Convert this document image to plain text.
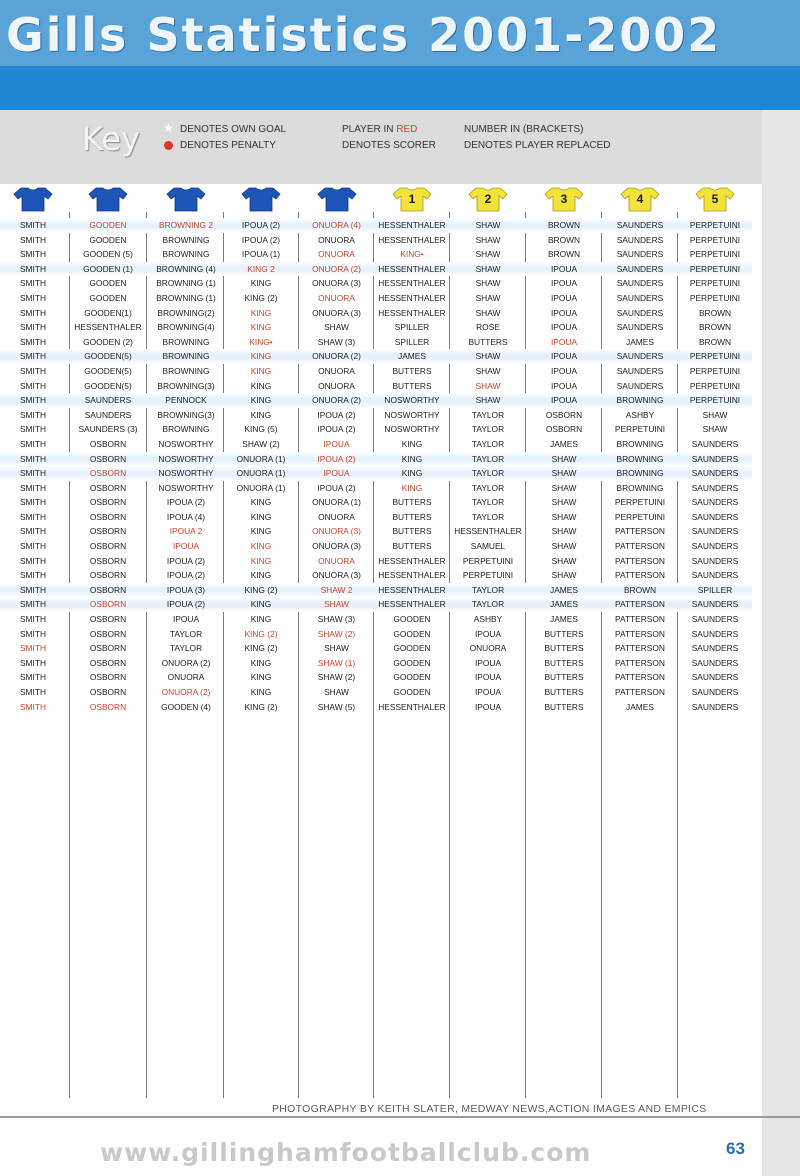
Gills Statistics 2001-2002
Key ★ DENOTES OWN GOAL
DENOTES PENALTY
PLAYER IN RED
DENOTES SCORER
NUMBER IN (BRACKETS)
DENOTES PLAYER REPLACED
1	2	3	4	5
SMITH	GOODEN	BROWNING 2	IPOUA (2)	ONUORA (4)	HESSENTHALER	SHAW	BROWN	SAUNDERS	PERPETUINI
SMITH	GOODEN	BROWNING	IPOUA (2)	ONUORA	HESSENTHALER	SHAW	BROWN	SAUNDERS	PERPETUINI
SMITH	GOODEN (5)	BROWNING	IPOUA (1)	ONUORA	KING•	SHAW	BROWN	SAUNDERS	PERPETUINI
SMITH	GOODEN (1)	BROWNING (4)	KING 2	ONUORA (2)	HESSENTHALER	SHAW	IPOUA	SAUNDERS	PERPETUINI
SMITH	GOODEN	BROWNING (1)	KING	ONUORA (3)	HESSENTHALER	SHAW	IPOUA	SAUNDERS	PERPETUINI
SMITH	GOODEN	BROWNING (1)	KING (2)	ONUORA	HESSENTHALER	SHAW	IPOUA	SAUNDERS	PERPETUINI
SMITH	GOODEN(1)	BROWNING(2)	KING	ONUORA (3)	HESSENTHALER	SHAW	IPOUA	SAUNDERS	BROWN
SMITH	HESSENTHALER	BROWNING(4)	KING	SHAW	SPILLER	ROSE	IPOUA	SAUNDERS	BROWN
SMITH	GOODEN (2)	BROWNING	KING•	SHAW (3)	SPILLER	BUTTERS	IPOUA	JAMES	BROWN
SMITH	GOODEN(5)	BROWNING	KING	ONUORA (2)	JAMES	SHAW	IPOUA	SAUNDERS	PERPETUINI
SMITH	GOODEN(5)	BROWNING	KING	ONUORA	BUTTERS	SHAW	IPOUA	SAUNDERS	PERPETUINI
SMITH	GOODEN(5)	BROWNING(3)	KING	ONUORA	BUTTERS	SHAW	IPOUA	SAUNDERS	PERPETUINI
SMITH	SAUNDERS	PENNOCK	KING	ONUORA (2)	NOSWORTHY	SHAW	IPOUA	BROWNING	PERPETUINI
SMITH	SAUNDERS	BROWNING(3)	KING	IPOUA (2)	NOSWORTHY	TAYLOR	OSBORN	ASHBY	SHAW
SMITH	SAUNDERS (3)	BROWNING	KING (5)	IPOUA (2)	NOSWORTHY	TAYLOR	OSBORN	PERPETUINI	SHAW
SMITH	OSBORN	NOSWORTHY	SHAW (2)	IPOUA	KING	TAYLOR	JAMES	BROWNING	SAUNDERS
SMITH	OSBORN	NOSWORTHY	ONUORA (1)	IPOUA (2)	KING	TAYLOR	SHAW	BROWNING	SAUNDERS
SMITH	OSBORN	NOSWORTHY	ONUORA (1)	IPOUA	KING	TAYLOR	SHAW	BROWNING	SAUNDERS
SMITH	OSBORN	NOSWORTHY	ONUORA (1)	IPOUA (2)	KING	TAYLOR	SHAW	BROWNING	SAUNDERS
SMITH	OSBORN	IPOUA (2)	KING	ONUORA (1)	BUTTERS	TAYLOR	SHAW	PERPETUINI	SAUNDERS
SMITH	OSBORN	IPOUA (4)	KING	ONUORA	BUTTERS	TAYLOR	SHAW	PERPETUINI	SAUNDERS
SMITH	OSBORN	IPOUA 2	KING	ONUORA (3)	BUTTERS	HESSENTHALER	SHAW	PATTERSON	SAUNDERS
SMITH	OSBORN	IPOUA	KING	ONUORA (3)	BUTTERS	SAMUEL	SHAW	PATTERSON	SAUNDERS
SMITH	OSBORN	IPOUA (2)	KING	ONUORA	HESSENTHALER	PERPETUINI	SHAW	PATTERSON	SAUNDERS
SMITH	OSBORN	IPOUA (2)	KING	ONUORA (3)	HESSENTHALER	PERPETUINI	SHAW	PATTERSON	SAUNDERS
SMITH	OSBORN	IPOUA (3)	KING (2)	SHAW 2	HESSENTHALER	TAYLOR	JAMES	BROWN	SPILLER
SMITH	OSBORN	IPOUA (2)	KING	SHAW	HESSENTHALER	TAYLOR	JAMES	PATTERSON	SAUNDERS
SMITH	OSBORN	IPOUA	KING	SHAW (3)	GOODEN	ASHBY	JAMES	PATTERSON	SAUNDERS
SMITH	OSBORN	TAYLOR	KING (2)	SHAW (2)	GOODEN	IPOUA	BUTTERS	PATTERSON	SAUNDERS
SMITH	OSBORN	TAYLOR	KING (2)	SHAW	GOODEN	ONUORA	BUTTERS	PATTERSON	SAUNDERS
SMITH	OSBORN	ONUORA (2)	KING	SHAW (1)	GOODEN	IPOUA	BUTTERS	PATTERSON	SAUNDERS
SMITH	OSBORN	ONUORA	KING	SHAW (2)	GOODEN	IPOUA	BUTTERS	PATTERSON	SAUNDERS
SMITH	OSBORN	ONUORA (2)	KING	SHAW	GOODEN	IPOUA	BUTTERS	PATTERSON	SAUNDERS
SMITH	OSBORN	GOODEN (4)	KING (2)	SHAW (5)	HESSENTHALER	IPOUA	BUTTERS	JAMES	SAUNDERS
PHOTOGRAPHY BY KEITH SLATER, MEDWAY NEWS,ACTION IMAGES AND EMPICS
www.gillinghamfootballclub.com	63
